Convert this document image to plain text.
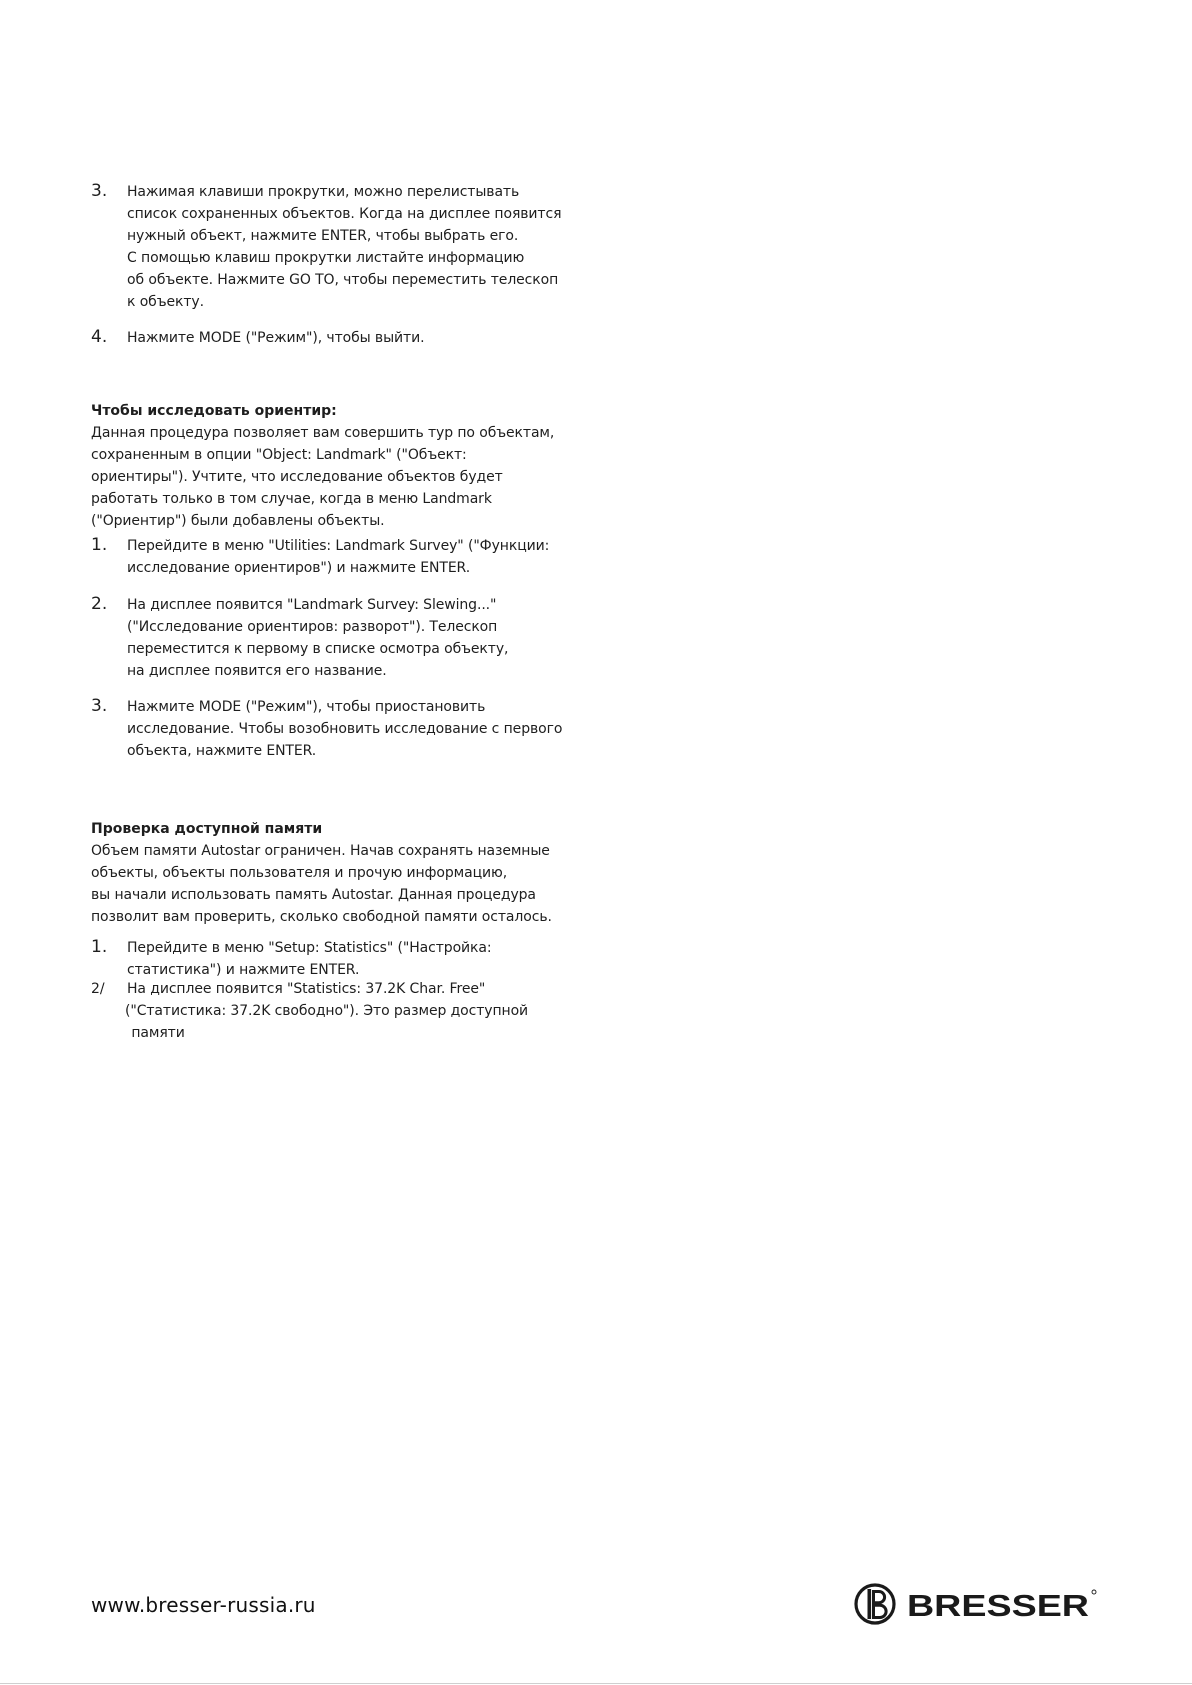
3. Нажимая клавиши прокрутки, можно перелистывать
список сохраненных объектов. Когда на дисплее появится
нужный объект, нажмите ENTER, чтобы выбрать его.
С помощью клавиш прокрутки листайте информацию
об объекте. Нажмите GO TO, чтобы переместить телескоп
к объекту.
4. Нажмите MODE ("Режим"), чтобы выйти.
Чтобы исследовать ориентир:
Данная процедура позволяет вам совершить тур по объектам,
сохраненным в опции "Object: Landmark" ("Объект:
ориентиры"). Учтите, что исследование объектов будет
работать только в том случае, когда в меню Landmark
("Ориентир") были добавлены объекты.
1. Перейдите в меню "Utilities: Landmark Survey" ("Функции:
исследование ориентиров") и нажмите ENTER.
2. На дисплее появится "Landmark Survey: Slewing..."
("Исследование ориентиров: разворот"). Телескоп
переместится к первому в списке осмотра объекту,
на дисплее появится его название.
3. Нажмите MODE ("Режим"), чтобы приостановить
исследование. Чтобы возобновить исследование с первого
объекта, нажмите ENTER.
Проверка доступной памяти
Объем памяти Autostar ограничен. Начав сохранять наземные
объекты, объекты пользователя и прочую информацию,
вы начали использовать память Autostar. Данная процедура
позволит вам проверить, сколько свободной памяти осталось.
1. Перейдите в меню "Setup: Statistics" ("Настройка:
статистика") и нажмите ENTER.
2/ На дисплее появится "Statistics: 37.2K Char. Free"
("Статистика: 37.2K свободно"). Это размер доступной
памяти
www.bresser-russia.ru	BRESSER
